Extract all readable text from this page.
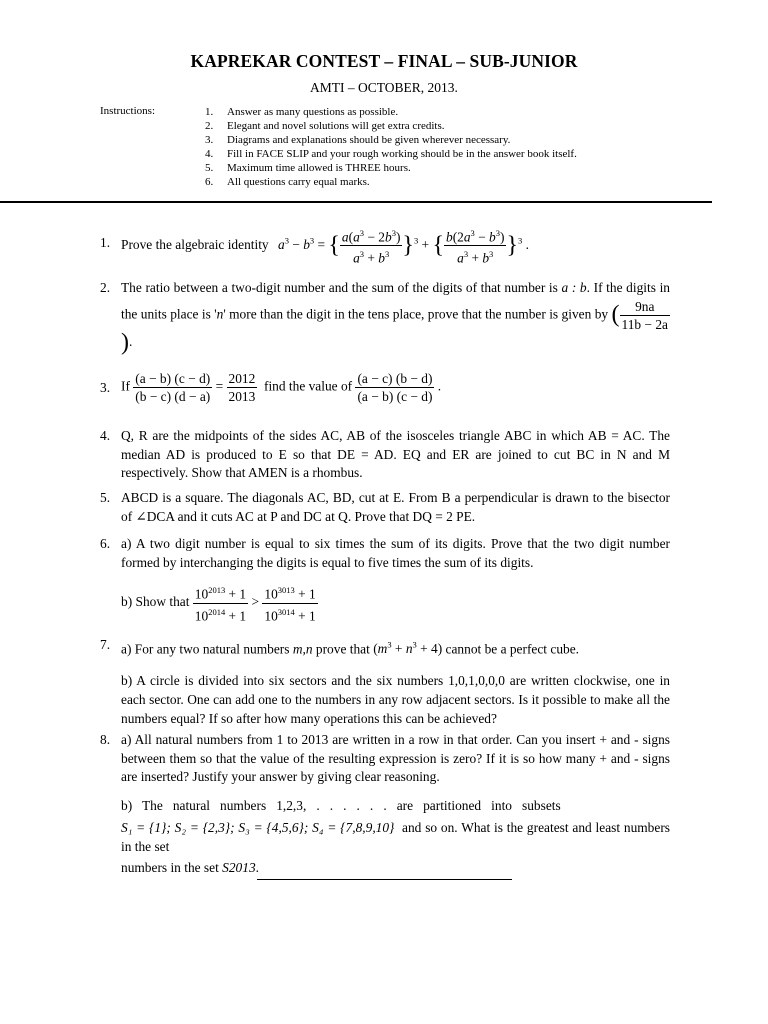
KAPREKAR CONTEST – FINAL – SUB-JUNIOR
AMTI – OCTOBER, 2013.
Instructions:	1.	Answer as many questions as possible.
2.	Elegant and novel solutions will get extra credits.
3.	Diagrams and explanations should be given wherever necessary.
4.	Fill in FACE SLIP and your rough working should be in the answer book itself.
5.	Maximum time allowed is THREE hours.
6.	All questions carry equal marks.
1. Prove the algebraic identity $a^3 - b^3$ = { $\frac{a(a^3 - 2b^3)}{a^3 + b^3} \}^3$ + { $\frac{b(2a^3 - b^3)}{a^3 + b^3} \}^3$ .
2. The ratio between a two-digit number and the sum of the digits of that number is a : b. If the digits in the units place is 'n' more than the digit in the tens place, prove that the number is given by ( $\frac{9na}{11b - 2a}$
).
3. If $\frac{(a - b) (c - d)}{(b - c) (d - a)} = \frac{2012}{2013}$ find the value of $\frac{(a - c) (b - d)}{(a - b) (c - d)}$ .
4. Q, R are the midpoints of the sides AC, AB of the isosceles triangle ABC in which AB = AC. The median AD is produced to E so that DE = AD. EQ and ER are joined to cut BC in N and M respectively. Show that AMEN is a rhombus.
5. ABCD is a square. The diagonals AC, BD, cut at E. From B a perpendicular is drawn to the bisector of ∠DCA and it cuts AC at P and DC at Q. Prove that DQ = 2 PE.
6. a) A two digit number is equal to six times the sum of its digits. Prove that the two digit number formed by interchanging the digits is equal to five times the sum of its digits.
b) Show that $\frac{10^{2013} + 1}{10^{2014} + 1} > \frac{10^{3013} + 1}{10^{3014} + 1}$
7. a) For any two natural numbers m,n prove that $(m^3 + n^3 + 4)$ cannot be a perfect cube.
b) A circle is divided into six sectors and the six numbers 1,0,1,0,0,0 are written clockwise, one in each sector. One can add one to the numbers in any row adjacent sectors. Is it possible to make all the numbers equal? If so after how many operations this can be achieved?
8. a) All natural numbers from 1 to 2013 are written in a row in that order. Can you insert + and - signs between them so that the value of the resulting expression is zero? If it is so how many + and - signs are inserted? Justify your answer by giving clear reasoning.
b)   The   natural   numbers   1,2,3,   .   .   .   .   .   .   are   partitioned   into   subsets
S₁ = {1}; S₂ = {2,3}; S₃ = {4,5,6}; S₄ = {7,8,9,10} and so on. What is the greatest and least numbers in the set
numbers in the set S2013.
